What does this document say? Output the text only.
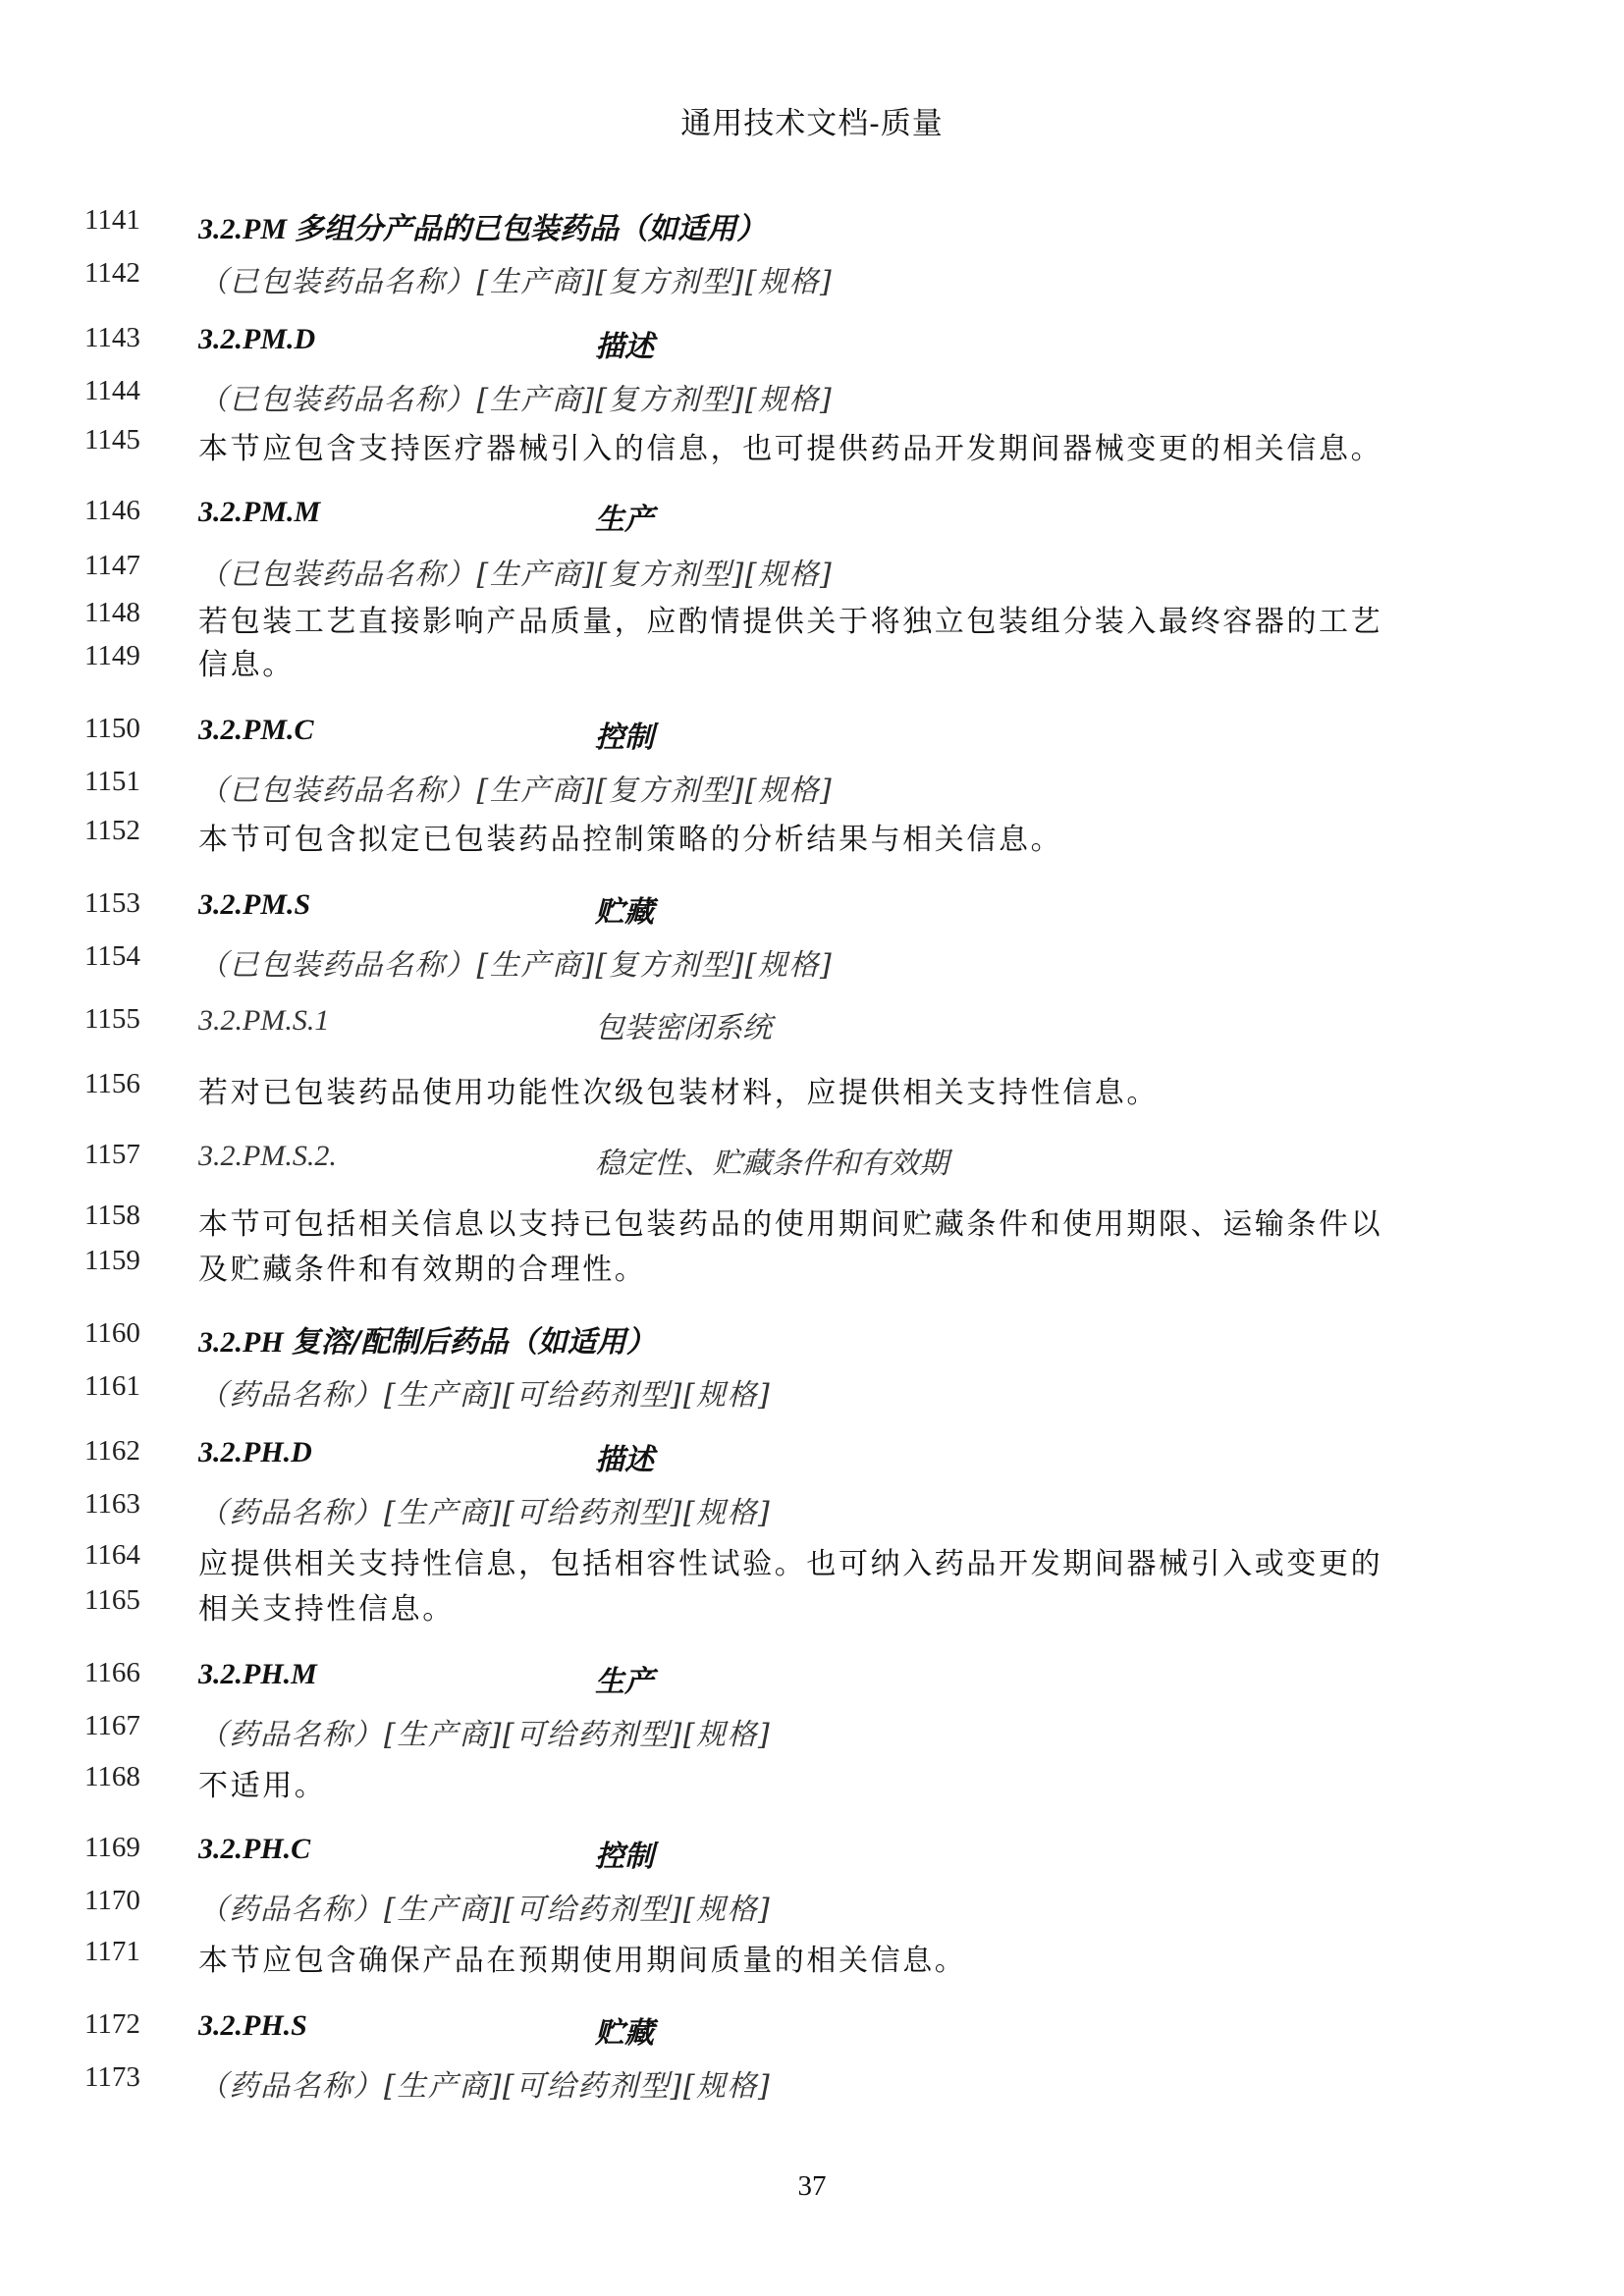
通用技术文档-质量
1141 3.2.PM 多组分产品的已包装药品（如适用）
1142 （已包装药品名称）[生产商][复方剂型][规格]
1143 3.2.PM.D	描述
1144 （已包装药品名称）[生产商][复方剂型][规格]
1145 本节应包含支持医疗器械引入的信息，也可提供药品开发期间器械变更的相关信息。
1146 3.2.PM.M	生产
1147 （已包装药品名称）[生产商][复方剂型][规格]
1148 若包装工艺直接影响产品质量，应酌情提供关于将独立包装组分装入最终容器的工艺
1149 信息。
1150 3.2.PM.C	控制
1151 （已包装药品名称）[生产商][复方剂型][规格]
1152 本节可包含拟定已包装药品控制策略的分析结果与相关信息。
1153 3.2.PM.S	贮藏
1154 （已包装药品名称）[生产商][复方剂型][规格]
1155 3.2.PM.S.1	包装密闭系统
1156 若对已包装药品使用功能性次级包装材料，应提供相关支持性信息。
1157 3.2.PM.S.2.	稳定性、贮藏条件和有效期
1158 本节可包括相关信息以支持已包装药品的使用期间贮藏条件和使用期限、运输条件以
1159 及贮藏条件和有效期的合理性。
1160 3.2.PH 复溶/配制后药品（如适用）
1161 （药品名称）[生产商][可给药剂型][规格]
1162 3.2.PH.D	描述
1163 （药品名称）[生产商][可给药剂型][规格]
1164 应提供相关支持性信息，包括相容性试验。也可纳入药品开发期间器械引入或变更的
1165 相关支持性信息。
1166 3.2.PH.M	生产
1167 （药品名称）[生产商][可给药剂型][规格]
1168 不适用。
1169 3.2.PH.C	控制
1170 （药品名称）[生产商][可给药剂型][规格]
1171 本节应包含确保产品在预期使用期间质量的相关信息。
1172 3.2.PH.S	贮藏
1173 （药品名称）[生产商][可给药剂型][规格]
37
